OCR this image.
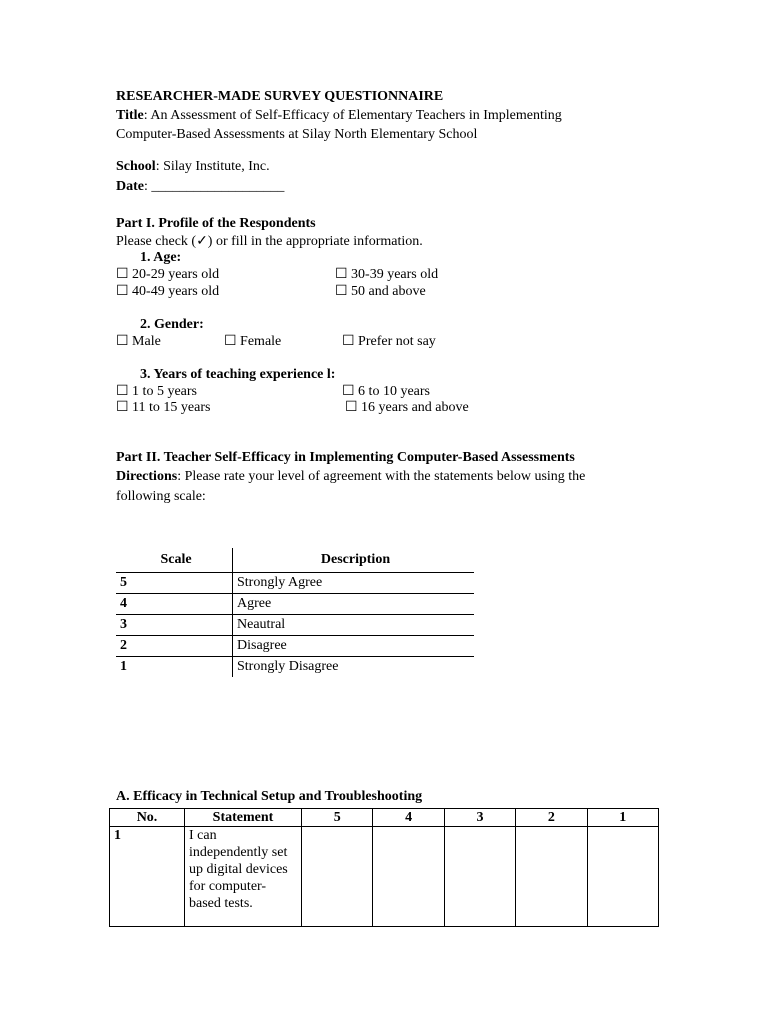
RESEARCHER-MADE SURVEY QUESTIONNAIRE
Title: An Assessment of Self-Efficacy of Elementary Teachers in Implementing
Computer-Based Assessments at Silay North Elementary School
School: Silay Institute, Inc.
Date: ___________________
Part I. Profile of the Respondents
Please check (✓) or fill in the appropriate information.
1. Age:
☐ 20-29 years old	☐ 30-39 years old
☐ 40-49 years old	☐ 50 and above
2. Gender:
☐ Male	☐ Female	☐ Prefer not say
3. Years of teaching experience l:
☐ 1 to 5 years	☐ 6 to 10 years
☐ 11 to 15 years	☐ 16 years and above
Part II. Teacher Self-Efficacy in Implementing Computer-Based Assessments
Directions: Please rate your level of agreement with the statements below using the
following scale:
Scale	Description
5	Strongly Agree
4	Agree
3	Neautral
2	Disagree
1	Strongly Disagree
A. Efficacy in Technical Setup and Troubleshooting
No.	Statement	5	4	3	2	1
1	I can independently set up digital devices for computer-based tests.					
